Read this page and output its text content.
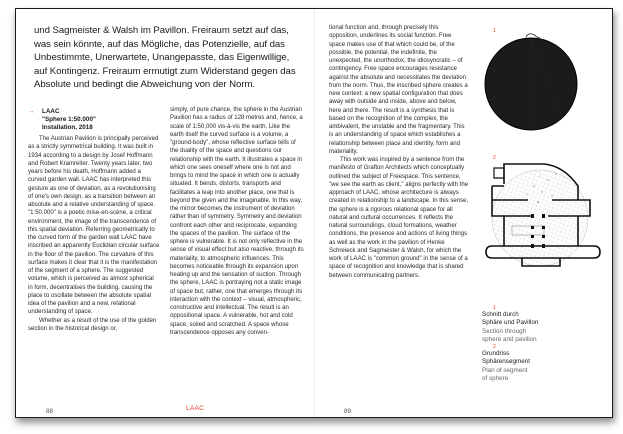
und Sagmeister & Walsh im Pavillon. Freiraum setzt auf das, was sein könnte, auf das Mögliche, das Potenzielle, auf das Unbestimmte, Unerwartete, Unangepasste, das Eigenwillige, auf Kontingenz. Freiraum ermutigt zum Widerstand gegen das Absolute und bedingt die Abweichung von der Norm.
→ LAAC
"Sphere 1:50.000"
Installation, 2018

The Austrian Pavilion is principally perceived as a strictly symmetrical building. It was built in 1934 according to a design by Josef Hoffmann and Robert Kramreiter. Twenty years later, two years before his death, Hoffmann added a curved garden wall. LAAC has interpreted this gesture as one of deviation, as a revolutionising of one's own design, as a transition between an absolute and a relative understanding of space. "1:50.000" is a poetic mise-en-scène, a critical environment, the image of the transcendence of this spatial deviation. Referring geometrically to the curved form of the garden wall LAAC have inscribed an apparently Euclidian circular surface in the floor of the pavilion. The curvature of this surface makes it clear that it is the manifestation of the segment of a sphere. The suggested volume, which is perceived as almost spherical in form, decentralises the building, causing the place to oscillate between the absolute spatial idea of the pavilion and a new, relational understanding of space.

Whether as a result of the use of the golden section in the historical design or,

simply, of pure chance, the sphere in the Austrian Pavilion has a radius of 128 metres and, hence, a scale of 1:50,000 vis-à-vis the earth. Like the earth itself the curved surface is a volume, a "ground-body", whose reflective surface tells of the duality of the space and questions our relationship with the earth. It illustrates a space in which one sees oneself where one is not and brings to mind the space in which one is actually situated. It bends, distorts, transports and facilitates a leap into another place, one that is beyond the given and the imaginable. In this way, the mirror becomes the instrument of deviation rather than of symmetry. Symmetry and deviation confront each other and reciprocate, expanding the spaces of the pavilion. The surface of the sphere is vulnerable. It is not only reflective in the sense of visual effect but also reactive, through its materiality, to atmospheric influences. This becomes noticeable through its expansion upon heating up and the sensation of suction. Through the sphere, LAAC is portraying not a static image of space but, rather, one that emerges through its interaction with the context – visual, atmospheric, constructive and intellectual. The result is an oppositional space. A vulnerable, hot and cold space, soiled and scratched. A space whose transcendence opposes any conven-

88	LAAC

tional function and, through precisely this opposition, underlines its social function. Free space makes use of that which could be, of the possible, the potential, the indefinite, the unexpected, the unorthodox, the idiosyncratic – of contingency. Free space encourages resistance against the absolute and necessitates the deviation from the norm. Thus, the inscribed sphere creates a new context: a new spatial configuration that does away with outside and inside, above and below, here and there. The result is a synthesis that is based on the recognition of the complex, the ambivalent, the unstable and the fragmentary. This is an understanding of space which establishes a relationship between place and identity, form and materiality.

This work was inspired by a sentence from the manifesto of Grafton Architects which conceptually outlined the subject of Freespace. This sentence, "we see the earth as client," aligns perfectly with the approach of LAAC, whose architecture is always created in relationship to a landscape. In this sense, the sphere is a rigorous relational space for all natural and cultural occurrences. It reflects the natural surroundings, cloud formations, weather conditions, the presence and actions of living things as well as the work in the pavilion of Henke Schreieck and Sagmeister & Walsh, for which the work of LAAC is "common ground" in the sense of a space of recognition and knowledge that is shared between communicating partners.

1
2
1
Schnitt durch
Sphäre und Pavillon
Section through
sphere and pavilion
2
Grundriss
Sphärensegment
Plan of segment
of sphere
89
